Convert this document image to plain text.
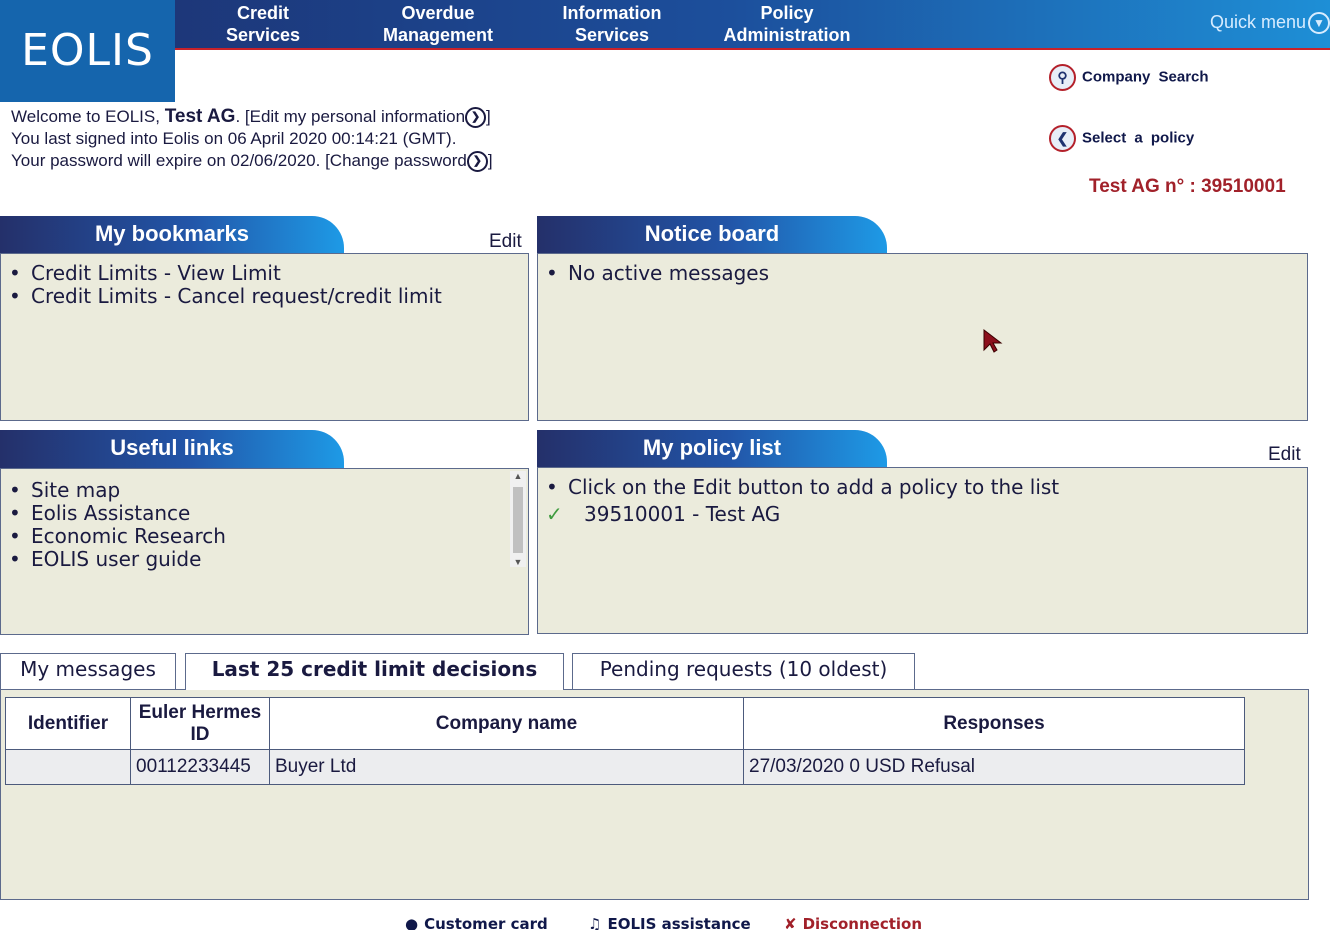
EOLIS
Credit
Services
Overdue
Management
Information
Services
Policy
Administration
Quick menu ▼
Welcome to EOLIS, Test AG. [Edit my personal information ❯ ]
You last signed into Eolis on 06 April 2020 00:14:21 (GMT).
Your password will expire on 02/06/2020. [Change password ❯ ]
⚲ Company Search
❮ Select a policy
Test AG n° : 39510001
My bookmarks	Edit
• Credit Limits - View Limit
• Credit Limits - Cancel request/credit limit
Notice board
• No active messages
Useful links
• Site map
• Eolis Assistance
• Economic Research
• EOLIS user guide
▲
▼
My policy list	Edit
• Click on the Edit button to add a policy to the list
✓ 39510001 - Test AG
My messages	Last 25 credit limit decisions	Pending requests (10 oldest)
Identifier	Euler Hermes ID	Company name	Responses
	00112233445	Buyer Ltd	27/03/2020 0 USD Refusal
● Customer card	♫ EOLIS assistance ✘ Disconnection
